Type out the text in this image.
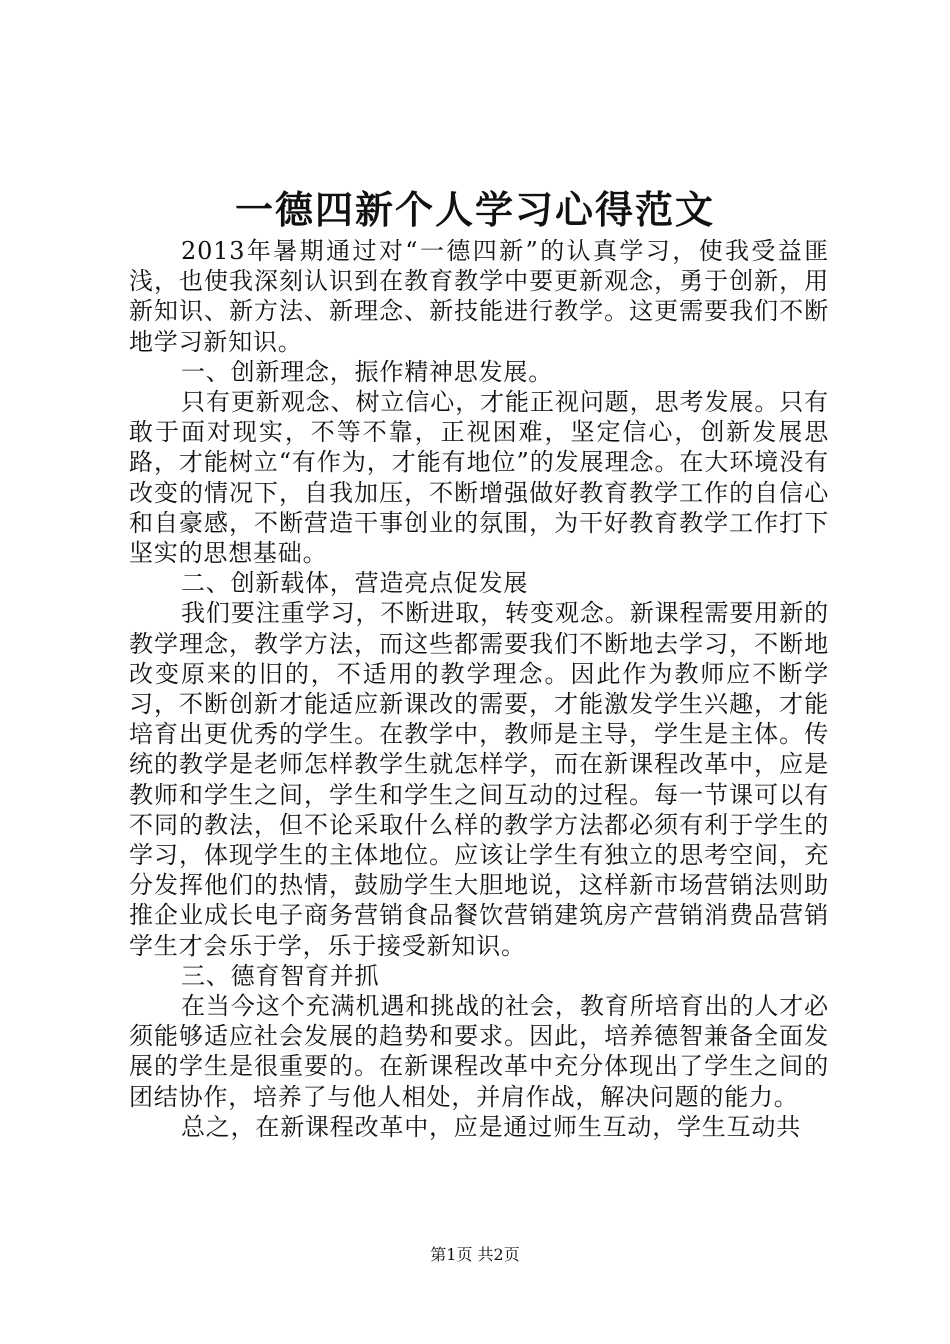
一德四新个人学习心得范文

2013年暑期通过对“一德四新”的认真学习，使我受益匪浅，也使我深刻认识到在教育教学中要更新观念，勇于创新，用新知识、新方法、新理念、新技能进行教学。这更需要我们不断地学习新知识。

一、创新理念，振作精神思发展。

只有更新观念、树立信心，才能正视问题，思考发展。只有敢于面对现实，不等不靠，正视困难，坚定信心，创新发展思路，才能树立“有作为，才能有地位”的发展理念。在大环境没有改变的情况下，自我加压，不断增强做好教育教学工作的自信心和自豪感，不断营造干事创业的氛围，为干好教育教学工作打下坚实的思想基础。

二、创新载体，营造亮点促发展

我们要注重学习，不断进取，转变观念。新课程需要用新的教学理念，教学方法，而这些都需要我们不断地去学习，不断地改变原来的旧的，不适用的教学理念。因此作为教师应不断学习，不断创新才能适应新课改的需要，才能激发学生兴趣，才能培育出更优秀的学生。在教学中，教师是主导，学生是主体。传统的教学是老师怎样教学生就怎样学，而在新课程改革中，应是教师和学生之间，学生和学生之间互动的过程。每一节课可以有不同的教法，但不论采取什么样的教学方法都必须有利于学生的学习，体现学生的主体地位。应该让学生有独立的思考空间，充分发挥他们的热情，鼓励学生大胆地说，这样新市场营销法则助推企业成长电子商务营销食品餐饮营销建筑房产营销消费品营销学生才会乐于学，乐于接受新知识。

三、德育智育并抓

在当今这个充满机遇和挑战的社会，教育所培育出的人才必须能够适应社会发展的趋势和要求。因此，培养德智兼备全面发展的学生是很重要的。在新课程改革中充分体现出了学生之间的团结协作，培养了与他人相处，并肩作战，解决问题的能力。

总之，在新课程改革中，应是通过师生互动，学生互动共

第1页 共2页
